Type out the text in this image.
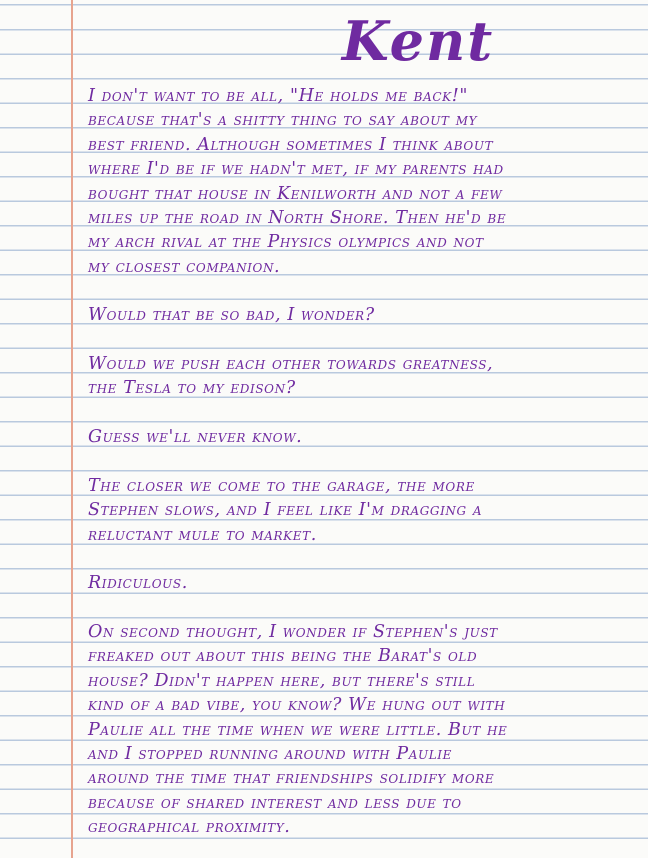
Kent
I don't want to be all, "He holds me back!"
because that's a shitty thing to say about my
best friend. Although sometimes I think about
where I'd be if we hadn't met, if my parents had
bought that house in Kenilworth and not a few
miles up the road in North Shore. Then he'd be
my arch rival at the Physics olympics and not
my closest companion.
Would that be so bad, I wonder?
Would we push each other towards greatness,
the Tesla to my edison?
Guess we'll never know.
The closer we come to the garage, the more
Stephen slows, and I feel like I'm dragging a
reluctant mule to market.
Ridiculous.
On second thought, I wonder if Stephen's just
freaked out about this being the Barat's old
house? Didn't happen here, but there's still
kind of a bad vibe, you know? We hung out with
Paulie all the time when we were little. But he
and I stopped running around with Paulie
around the time that friendships solidify more
because of shared interest and less due to
geographical proximity.
